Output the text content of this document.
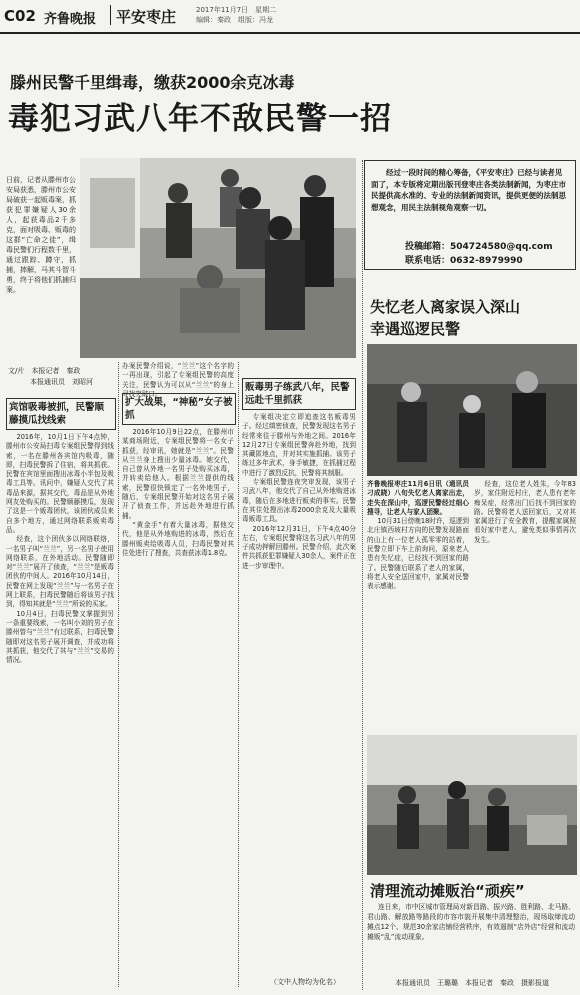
C02 齐鲁晚报 平安枣庄	2017年11月7日　星期二
编辑：秦政　组版：冯龙
滕州民警千里缉毒，缴获2000余克冰毒
毒犯习武八年不敌民警一招
日前，记者从滕州市公安局获悉，滕州市公安局破获一起贩毒案，抓获犯罪嫌疑人30余人，起获毒品2千多克，面对吸毒、贩毒的这群“亡命之徒”，缉毒民警们行程数千里，通过跟踪、蹲守，抓捕，摔解，马其斗智斗勇，终于将他们抓捕归案。
文/片　本报记者　秦政
本报通讯员　刘昭河
宾馆吸毒被抓，民警顺藤摸瓜找线索

2016年，10月1日下午4点钟，滕州市公安局扫毒专案组民警得到线索，一名在滕州各宾馆内吸毒，随即，扫毒民警拆了住宿，将其抓获。民警在宾馆里面搜出冰毒小半包及吸毒工具等。讯问中，嫌疑人交代了其毒品来源，据其交代，毒品是从外地网友处购买的。民警顺藤摸瓜，发现了这是一个贩毒团伙，该团伙成员来自多个地方，通过网络联系贩卖毒品。

经查，这个团伙多以网络联络，一名男子叫“兰兰”，另一名男子使用网络联系，在外地活动。民警随即对“兰兰”展开了侦查，“兰兰”是贩毒团伙的中间人。2016年10月14日，民警在网上发现“兰兰”与一名男子在网上联系，扫毒民警随后将该男子找到，得知其就是“兰兰”所说的买家。

10月4日，扫毒民警又掌握到另一条重要线索，一名叫小刘的男子在滕州曾与“兰兰”有过联系，扫毒民警随即对这名男子展开调查，并成功将其抓获，他交代了其与“兰兰”交易的情况。

办案民警介绍说，“兰兰”这个名字的一再出现，引起了专案组民警的高度关注，民警认为可以从“兰兰”的身上寻找突破口。
扩大战果，“神秘”女子被抓

2016年10月9日22点，在滕州市某商场附近，专案组民警将一名女子抓获，经审讯，她就是“兰兰”。民警从兰兰身上搜出少量冰毒。她交代，自己曾从外地一名男子处购买冰毒，并转卖给他人。根据兰兰提供的线索，民警很快锁定了一名外地男子，随后，专案组民警开始对这名男子展开了侦查工作，并远赴外地进行抓捕。

“黄金手”有着大量冰毒，据他交代，他是从外地购进的冰毒，然后在滕州贩卖给吸毒人员，扫毒民警对其住处进行了搜查，共查获冰毒1.8克。

贩毒男子练武八年，民警远赴千里抓获

专案组决定立即追查这名贩毒男子。经过缜密侦查，民警发现这名男子经常来往于滕州与外地之间。2016年12月27日专案组民警奔赴外地，找到其藏匿地点，并对其实施抓捕。该男子练过多年武术，身手敏捷，在抓捕过程中进行了激烈反抗，民警将其制服。

专案组民警连夜突审发现，该男子习武八年，他交代了自己从外地购进冰毒，随后在多地进行贩卖的事实。民警在其住处搜出冰毒2000余克及大量吸毒贩毒工具。

2016年12月31日，下午4点40分左右，专案组民警将这名习武八年的男子成功押解回滕州。民警介绍，此次案件共抓获犯罪嫌疑人30余人，案件正在进一步审理中。

（文中人物均为化名）
经过一段时间的精心筹备，《平安枣庄》已经与读者见面了，本专版将定期出版刊登枣庄各类法制新闻，为枣庄市民提供高水准的、专业的法制新闻资讯，提供更便的法制思想观念，用民主法制视角观察一切。
投稿邮箱：504724580@qq.com
联系电话：0632-8979990
失忆老人离家误入深山
幸遇巡逻民警

齐鲁晚报枣庄11月6日讯（通讯员　刁成晓）八旬失忆老人离家出走，走失在深山中，巡逻民警经过细心搜寻，让老人与家人团聚。

10月31日傍晚18时许，巡逻到北庄镇西坡村方向的民警发现路面的山上有一位老人孤零零的站着，民警立即下车上前询问，原来老人患有失忆症，已经找不到回家的路了。民警随后联系了老人的家属，将老人安全送回家中，家属对民警表示感谢。

经查，这位老人姓朱，今年83岁，家住附近村庄，老人患有老年痴呆症，经常出门后找不到回家的路。民警将老人送回家后，又对其家属进行了安全教育，提醒家属照看好家中老人，避免类似事情再次发生。

清理流动摊贩治“顽疾”

连日来，市中区城市管理局对新昌路、振兴路、胜利路、北马路、君山路、解放路等路段的市容市貌开展集中清理整治，现场取缔流动摊点12个、规范30余家店铺经营秩序，有效遏制“店外店”经营和流动摊贩“乱”流动现象。

本报通讯员　王璐璐　本报记者　秦政　摄影报道
